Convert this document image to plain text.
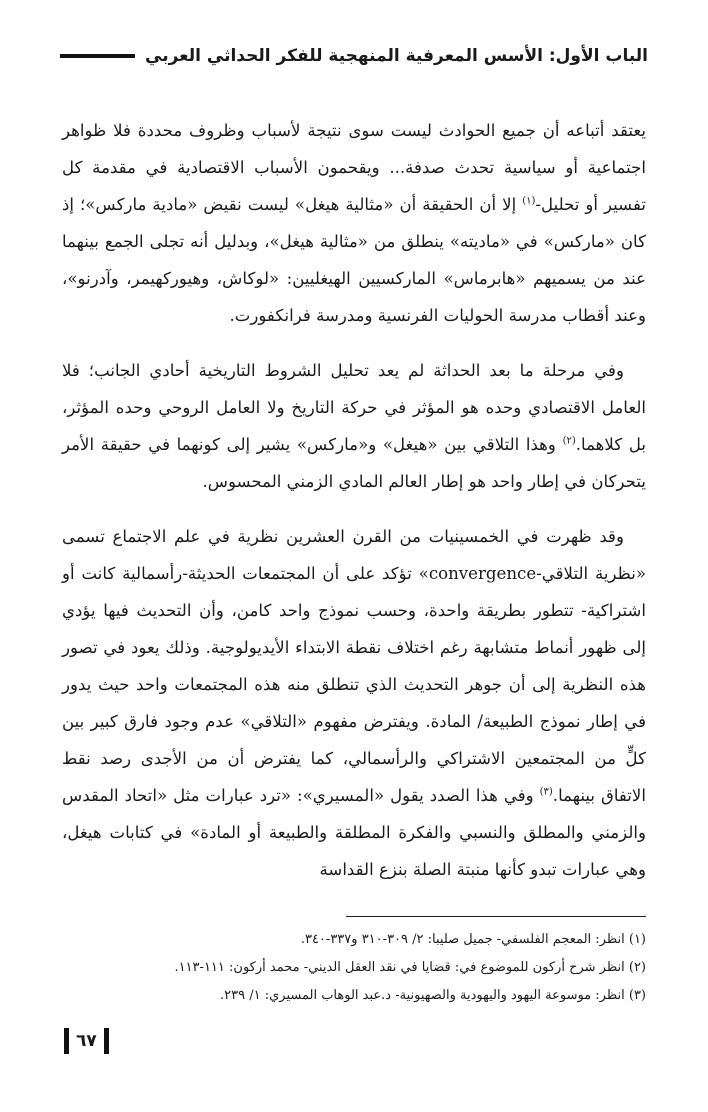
الباب الأول: الأسس المعرفية المنهجية للفكر الحداثي العربي

يعتقد أتباعه أن جميع الحوادث ليست سوى نتيجة لأسباب وظروف محددة فلا ظواهر اجتماعية أو سياسية تحدث صدفة... ويقحمون الأسباب الاقتصادية في مقدمة كل تفسير أو تحليل-$^{(١)}$ إلا أن الحقيقة أن «مثالية هيغل» ليست نقيض «مادية ماركس»؛ إذ كان «ماركس» في «ماديته» ينطلق من «مثالية هيغل»، وبدليل أنه تجلى الجمع بينهما عند من يسميهم «هابرماس» الماركسيين الهيغليين: «لوكاش، وهيوركهيمر، وآدرنو»، وعند أقطاب مدرسة الحوليات الفرنسية ومدرسة فرانكفورت.

وفي مرحلة ما بعد الحداثة لم يعد تحليل الشروط التاريخية أحادي الجانب؛ فلا العامل الاقتصادي وحده هو المؤثر في حركة التاريخ ولا العامل الروحي وحده المؤثر، بل كلاهما.$^{(٢)}$ وهذا التلاقي بين «هيغل» و«ماركس» يشير إلى كونهما في حقيقة الأمر يتحركان في إطار واحد هو إطار العالم المادي الزمني المحسوس.

وقد ظهرت في الخمسينيات من القرن العشرين نظرية في علم الاجتماع تسمى «نظرية التلاقي-convergence» تؤكد على أن المجتمعات الحديثة-رأسمالية كانت أو اشتراكية- تتطور بطريقة واحدة، وحسب نموذج واحد كامن، وأن التحديث فيها يؤدي إلى ظهور أنماط متشابهة رغم اختلاف نقطة الابتداء الأيديولوجية. وذلك يعود في تصور هذه النظرية إلى أن جوهر التحديث الذي تنطلق منه هذه المجتمعات واحد حيث يدور في إطار نموذج الطبيعة/ المادة. ويفترض مفهوم «التلاقي» عدم وجود فارق كبير بين كلٍّ من المجتمعين الاشتراكي والرأسمالي، كما يفترض أن من الأجدى رصد نقط الاتفاق بينهما.$^{(٣)}$ وفي هذا الصدد يقول «المسيري»: «ترد عبارات مثل «اتحاد المقدس والزمني والمطلق والنسبي والفكرة المطلقة والطبيعة أو المادة» في كتابات هيغل، وهي عبارات تبدو كأنها منبتة الصلة بنزع القداسة

(١) انظر: المعجم الفلسفي- جميل صليبا: ٢/ ٣٠٩-٣١٠ و٣٣٧-٣٤٠.

(٢) انظر شرح أركون للموضوع في: قضايا في نقد العقل الديني- محمد أركون: ١١١-١١٣.

(٣) انظر: موسوعة اليهود واليهودية والصهيونية- د.عبد الوهاب المسيري: ١/ ٢٣٩.

٦٧
